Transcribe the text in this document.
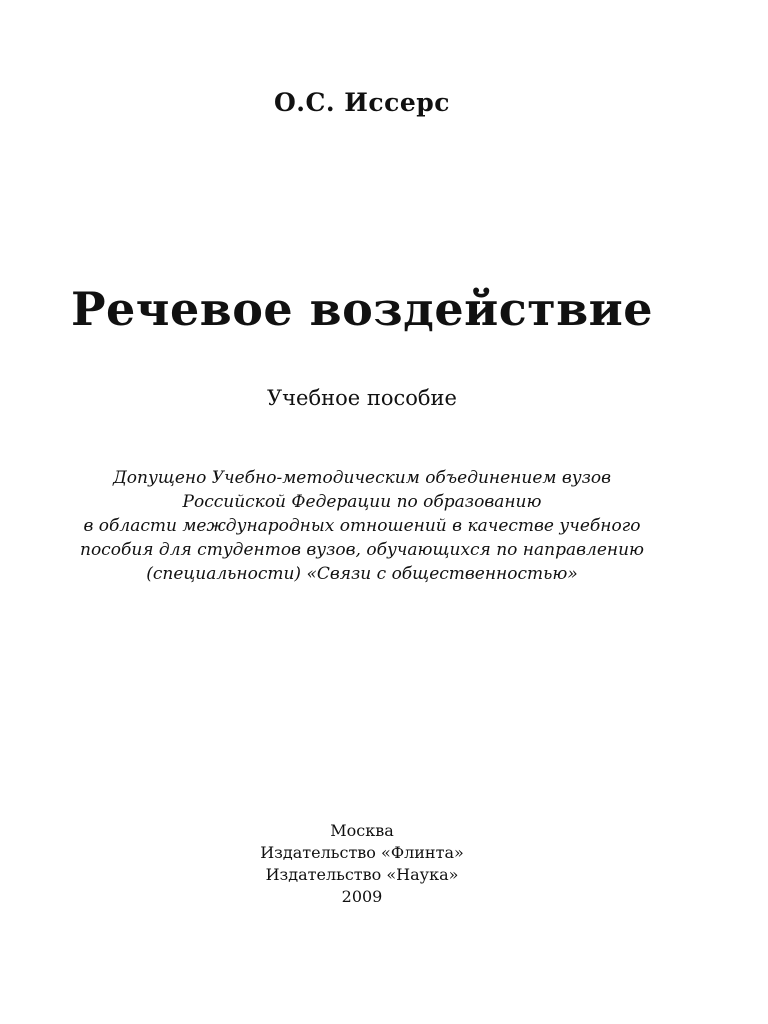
О.С. Иссерс
Речевое воздействие
Учебное пособие
Допущено Учебно-методическим объединением вузов
Российской Федерации по образованию
в области международных отношений в качестве учебного
пособия для студентов вузов, обучающихся по направлению
(специальности) «Связи с общественностью»
Москва
Издательство «Флинта»
Издательство «Наука»
2009
